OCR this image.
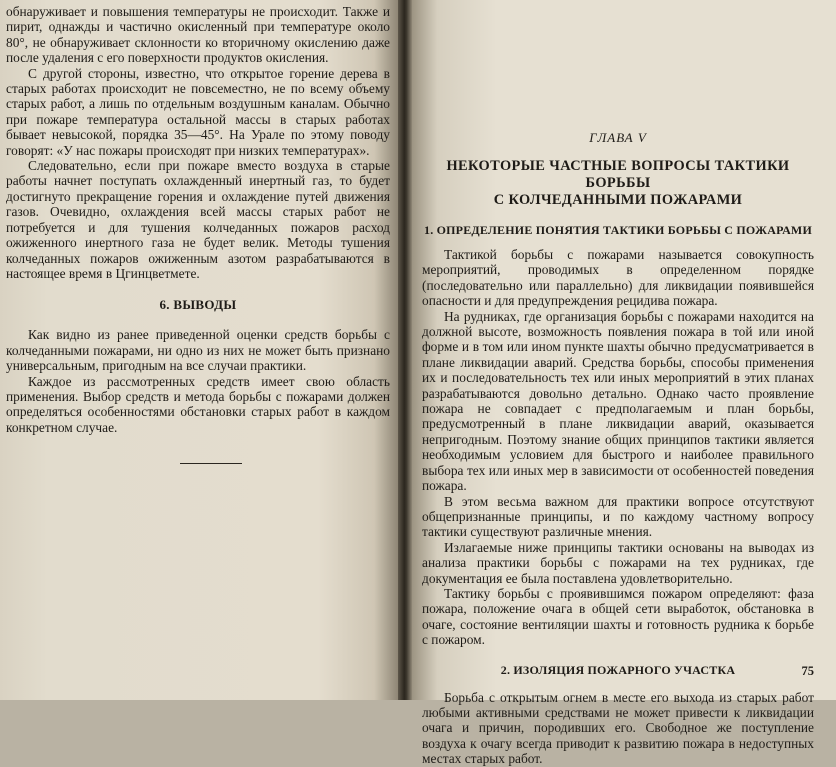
обнаруживает и повышения температуры не происходит. Также и пирит, однажды и частично окисленный при температуре около 80°, не обнаруживает склонности ко вторичному окислению даже после удаления с его поверхности продуктов окисления.

С другой стороны, известно, что открытое горение дерева в старых работах происходит не повсеместно, не по всему объему старых работ, а лишь по отдельным воздушным каналам. Обычно при пожаре температура остальной массы в старых работах бывает невысокой, порядка 35—45°. На Урале по этому поводу говорят: «У нас пожары происходят при низких температурах».

Следовательно, если при пожаре вместо воздуха в старые работы начнет поступать охлажденный инертный газ, то будет достигнуто прекращение горения и охлаждение путей движения газов. Очевидно, охлаждения всей массы старых работ не потребуется и для тушения колчеданных пожаров расход ожиженного инертного газа не будет велик. Методы тушения колчеданных пожаров ожиженным азотом разрабатываются в настоящее время в Цгинцветмете.

6. ВЫВОДЫ

Как видно из ранее приведенной оценки средств борьбы с колчеданными пожарами, ни одно из них не может быть признано универсальным, пригодным на все случаи практики.

Каждое из рассмотренных средств имеет свою область применения. Выбор средств и метода борьбы с пожарами должен определяться особенностями обстановки старых работ в каждом конкретном случае.

ГЛАВА V
НЕКОТОРЫЕ ЧАСТНЫЕ ВОПРОСЫ ТАКТИКИ БОРЬБЫ
С КОЛЧЕДАННЫМИ ПОЖАРАМИ
1. ОПРЕДЕЛЕНИЕ ПОНЯТИЯ ТАКТИКИ БОРЬБЫ С ПОЖАРАМИ

Тактикой борьбы с пожарами называется совокупность мероприятий, проводимых в определенном порядке (последовательно или параллельно) для ликвидации появившейся опасности и для предупреждения рецидива пожара.

На рудниках, где организация борьбы с пожарами находится на должной высоте, возможность появления пожара в той или иной форме и в том или ином пункте шахты обычно предусматривается в плане ликвидации аварий. Средства борьбы, способы применения их и последовательность тех или иных мероприятий в этих планах разрабатываются довольно детально. Однако часто проявление пожара не совпадает с предполагаемым и план борьбы, предусмотренный в плане ликвидации аварий, оказывается непригодным. Поэтому знание общих принципов тактики является необходимым условием для быстрого и наиболее правильного выбора тех или иных мер в зависимости от особенностей поведения пожара.

В этом весьма важном для практики вопросе отсутствуют общепризнанные принципы, и по каждому частному вопросу тактики существуют различные мнения.

Излагаемые ниже принципы тактики основаны на выводах из анализа практики борьбы с пожарами на тех рудниках, где документация ее была поставлена удовлетворительно.

Тактику борьбы с проявившимся пожаром определяют: фаза пожара, положение очага в общей сети выработок, обстановка в очаге, состояние вентиляции шахты и готовность рудника к борьбе с пожаром.

2. ИЗОЛЯЦИЯ ПОЖАРНОГО УЧАСТКА

Борьба с открытым огнем в месте его выхода из старых работ любыми активными средствами не может привести к ликвидации очага и причин, породивших его. Свободное же поступление воздуха к очагу всегда приводит к развитию пожара в недоступных местах старых работ.

75
